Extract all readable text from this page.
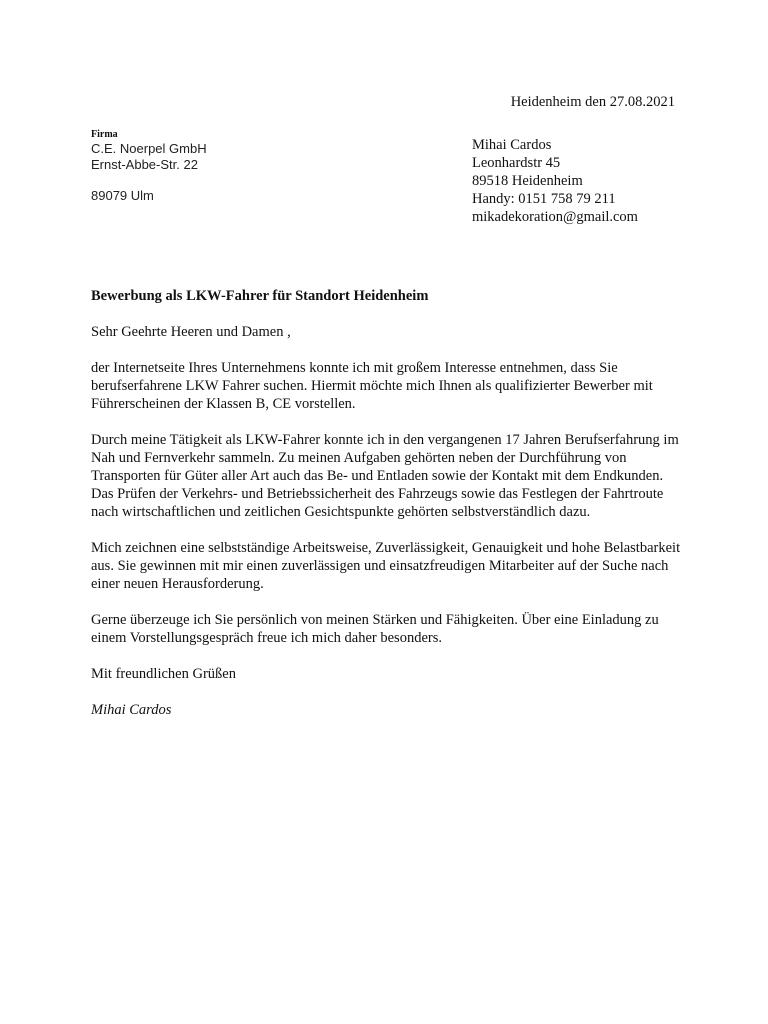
Heidenheim den 27.08.2021
Firma
C.E. Noerpel GmbH
Ernst-Abbe-Str. 22
89079 Ulm
Mihai Cardos
Leonhardstr 45
89518 Heidenheim
Handy: 0151 758 79 211
mikadekoration@gmail.com
Bewerbung als LKW-Fahrer für Standort Heidenheim

Sehr Geehrte Heeren und Damen ,

der Internetseite Ihres Unternehmens konnte ich mit großem Interesse entnehmen, dass Sie berufserfahrene LKW Fahrer suchen. Hiermit möchte mich Ihnen als qualifizierter Bewerber mit Führerscheinen der Klassen B, CE vorstellen.

Durch meine Tätigkeit als LKW-Fahrer konnte ich in den vergangenen 17 Jahren Berufserfahrung im Nah und Fernverkehr sammeln. Zu meinen Aufgaben gehörten neben der Durchführung von Transporten für Güter aller Art auch das Be- und Entladen sowie der Kontakt mit dem Endkunden. Das Prüfen der Verkehrs- und Betriebssicherheit des Fahrzeugs sowie das Festlegen der Fahrtroute nach wirtschaftlichen und zeitlichen Gesichtspunkte gehörten selbstverständlich dazu.

Mich zeichnen eine selbstständige Arbeitsweise, Zuverlässigkeit, Genauigkeit und hohe Belastbarkeit aus. Sie gewinnen mit mir einen zuverlässigen und einsatzfreudigen Mitarbeiter auf der Suche nach einer neuen Herausforderung.

Gerne überzeuge ich Sie persönlich von meinen Stärken und Fähigkeiten. Über eine Einladung zu einem Vorstellungsgespräch freue ich mich daher besonders.

Mit freundlichen Grüßen

Mihai Cardos
